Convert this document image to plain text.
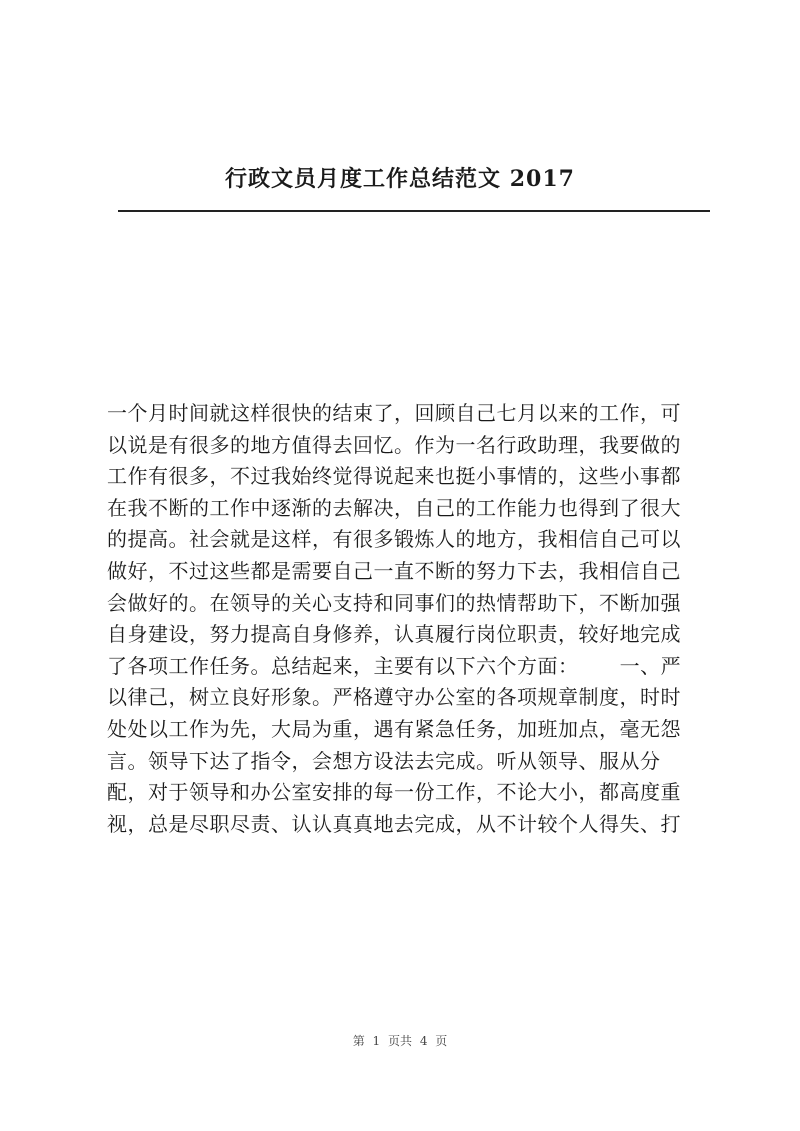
行政文员月度工作总结范文 2017
一个月时间就这样很快的结束了，回顾自己七月以来的工作，可
以说是有很多的地方值得去回忆。作为一名行政助理，我要做的
工作有很多，不过我始终觉得说起来也挺小事情的，这些小事都
在我不断的工作中逐渐的去解决，自己的工作能力也得到了很大
的提高。社会就是这样，有很多锻炼人的地方，我相信自己可以
做好，不过这些都是需要自己一直不断的努力下去，我相信自己
会做好的。在领导的关心支持和同事们的热情帮助下，不断加强
自身建设，努力提高自身修养，认真履行岗位职责，较好地完成
了各项工作任务。总结起来，主要有以下六个方面：      一、严
以律己，树立良好形象。严格遵守办公室的各项规章制度，时时
处处以工作为先，大局为重，遇有紧急任务，加班加点，毫无怨
言。领导下达了指令，会想方设法去完成。听从领导、服从分
配，对于领导和办公室安排的每一份工作，不论大小，都高度重
视，总是尽职尽责、认认真真地去完成，从不计较个人得失、打
第 1 页共 4 页
